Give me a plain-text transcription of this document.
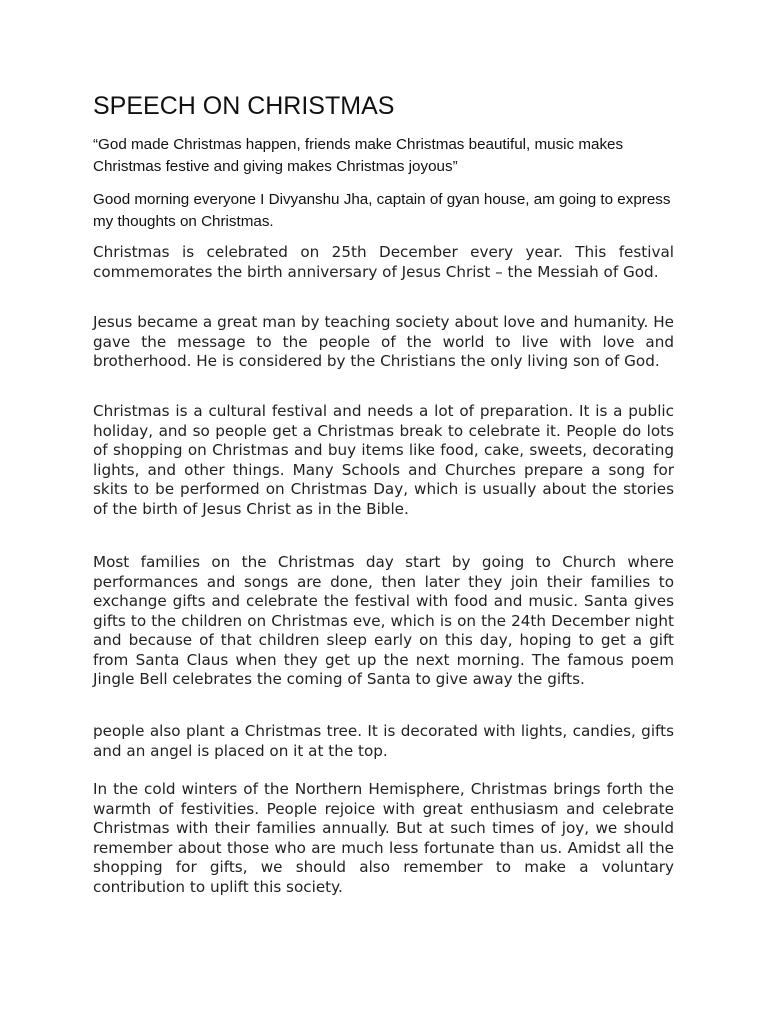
SPEECH ON CHRISTMAS

“God made Christmas happen, friends make Christmas beautiful, music makes Christmas festive and giving makes Christmas joyous”

Good morning everyone I Divyanshu Jha, captain of gyan house, am going to express my thoughts on Christmas.

Christmas is celebrated on 25th December every year. This festival commemorates the birth anniversary of Jesus Christ – the Messiah of God.

Jesus became a great man by teaching society about love and humanity. He gave the message to the people of the world to live with love and brotherhood. He is considered by the Christians the only living son of God.

Christmas is a cultural festival and needs a lot of preparation. It is a public holiday, and so people get a Christmas break to celebrate it. People do lots of shopping on Christmas and buy items like food, cake, sweets, decorating lights, and other things. Many Schools and Churches prepare a song for skits to be performed on Christmas Day, which is usually about the stories of the birth of Jesus Christ as in the Bible.

Most families on the Christmas day start by going to Church where performances and songs are done, then later they join their families to exchange gifts and celebrate the festival with food and music. Santa gives gifts to the children on Christmas eve, which is on the 24th December night and because of that children sleep early on this day, hoping to get a gift from Santa Claus when they get up the next morning. The famous poem Jingle Bell celebrates the coming of Santa to give away the gifts.

people also plant a Christmas tree. It is decorated with lights, candies, gifts and an angel is placed on it at the top.

In the cold winters of the Northern Hemisphere, Christmas brings forth the warmth of festivities. People rejoice with great enthusiasm and celebrate Christmas with their families annually. But at such times of joy, we should remember about those who are much less fortunate than us. Amidst all the shopping for gifts, we should also remember to make a voluntary contribution to uplift this society.
